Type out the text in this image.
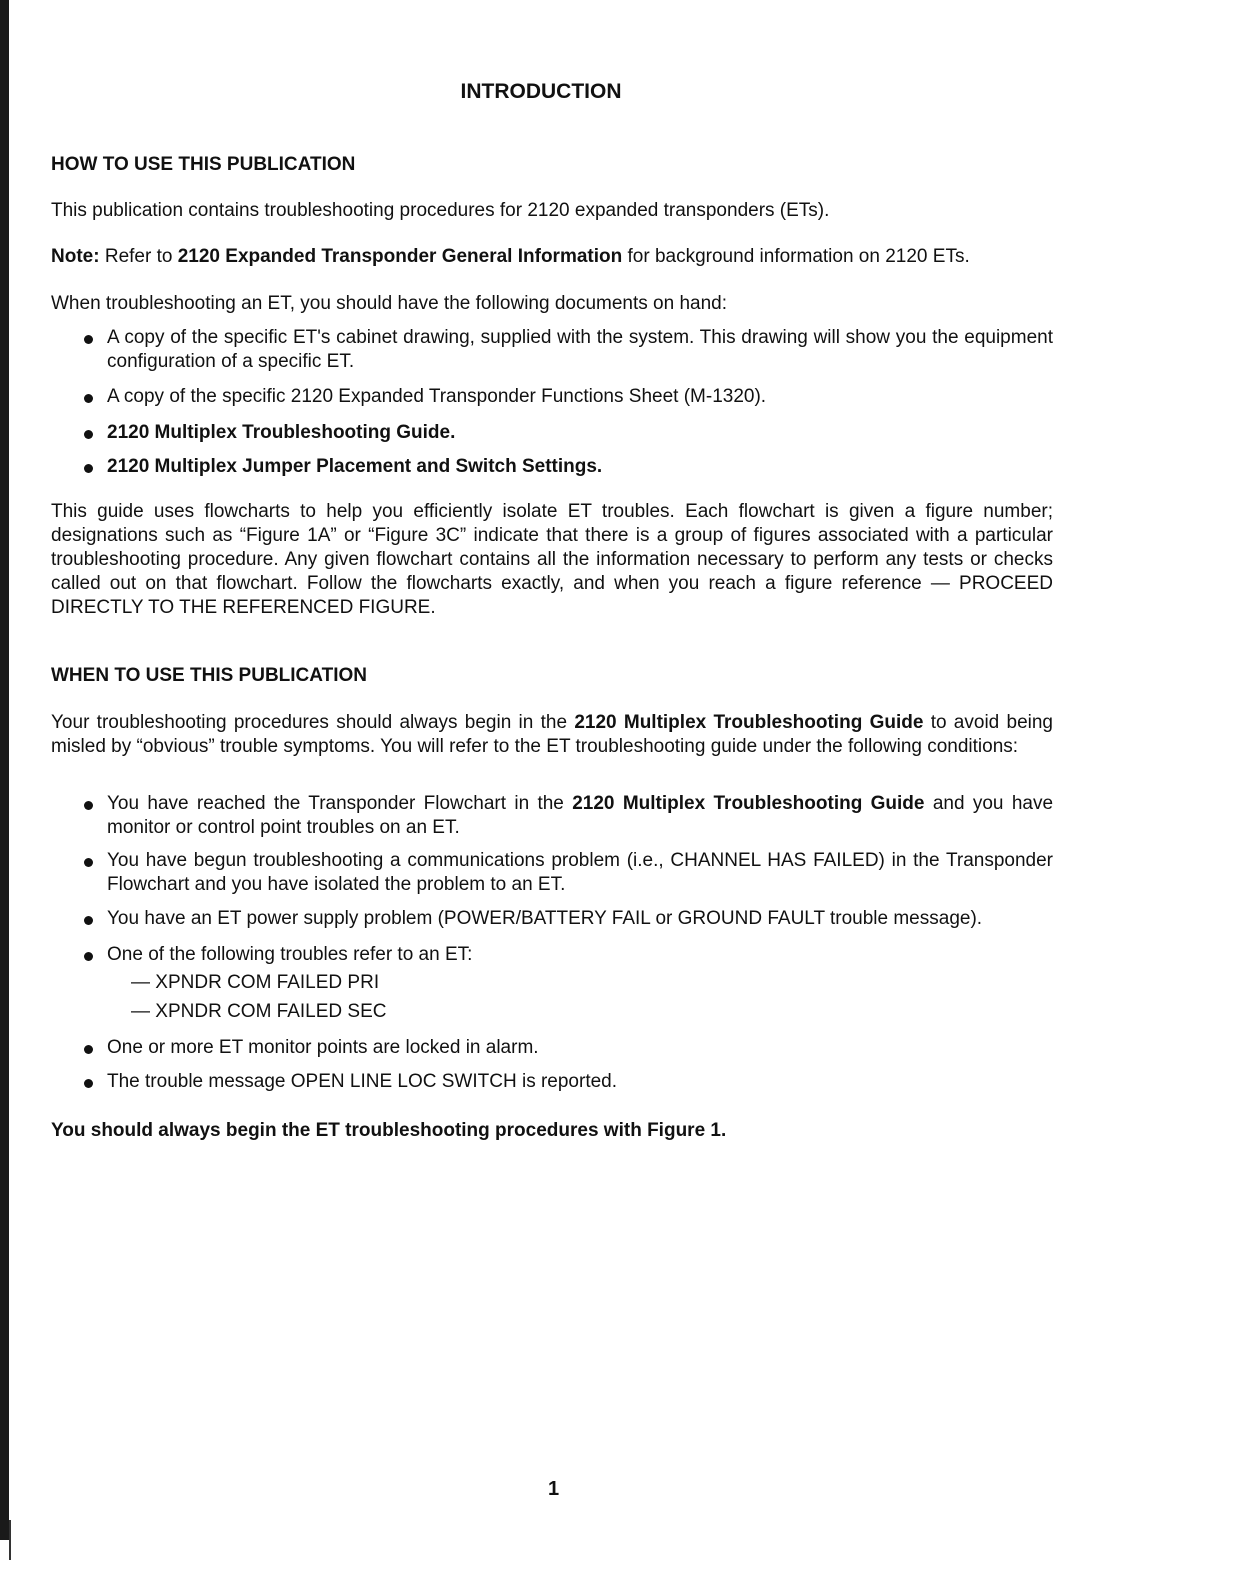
INTRODUCTION
HOW TO USE THIS PUBLICATION
This publication contains troubleshooting procedures for 2120 expanded transponders (ETs).
Note: Refer to 2120 Expanded Transponder General Information for background information on 2120 ETs.
When troubleshooting an ET, you should have the following documents on hand:
A copy of the specific ET's cabinet drawing, supplied with the system. This drawing will show you the equipment configuration of a specific ET.
A copy of the specific 2120 Expanded Transponder Functions Sheet (M-1320).
2120 Multiplex Troubleshooting Guide.
2120 Multiplex Jumper Placement and Switch Settings.
This guide uses flowcharts to help you efficiently isolate ET troubles. Each flowchart is given a figure number; designations such as “Figure 1A” or “Figure 3C” indicate that there is a group of figures associated with a particular troubleshooting procedure. Any given flowchart contains all the information necessary to perform any tests or checks called out on that flowchart. Follow the flowcharts exactly, and when you reach a figure reference — PROCEED DIRECTLY TO THE REFERENCED FIGURE.
WHEN TO USE THIS PUBLICATION
Your troubleshooting procedures should always begin in the 2120 Multiplex Troubleshooting Guide to avoid being misled by “obvious” trouble symptoms. You will refer to the ET troubleshooting guide under the following conditions:
You have reached the Transponder Flowchart in the 2120 Multiplex Troubleshooting Guide and you have monitor or control point troubles on an ET.
You have begun troubleshooting a communications problem (i.e., CHANNEL HAS FAILED) in the Transponder Flowchart and you have isolated the problem to an ET.
You have an ET power supply problem (POWER/BATTERY FAIL or GROUND FAULT trouble message).
One of the following troubles refer to an ET:
— XPNDR COM FAILED PRI
— XPNDR COM FAILED SEC
One or more ET monitor points are locked in alarm.
The trouble message OPEN LINE LOC SWITCH is reported.
You should always begin the ET troubleshooting procedures with Figure 1.
1
